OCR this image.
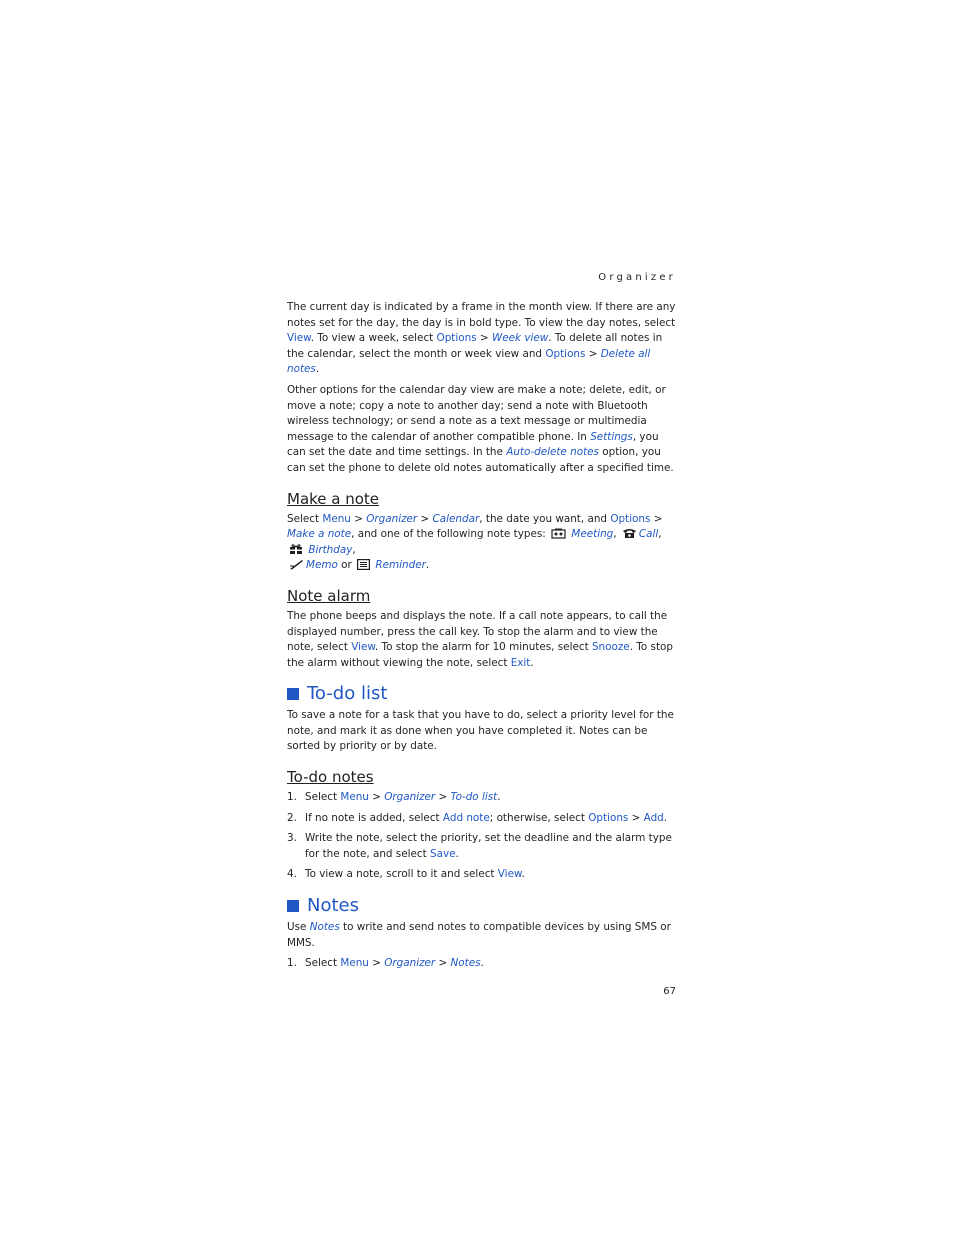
Organizer

The current day is indicated by a frame in the month view. If there are any notes set for the day, the day is in bold type. To view the day notes, select View. To view a week, select Options > Week view. To delete all notes in the calendar, select the month or week view and Options > Delete all notes.

Other options for the calendar day view are make a note; delete, edit, or move a note; copy a note to another day; send a note with Bluetooth wireless technology; or send a note as a text message or multimedia message to the calendar of another compatible phone. In Settings, you can set the date and time settings. In the Auto-delete notes option, you can set the phone to delete old notes automatically after a specified time.

Make a note

Select Menu > Organizer > Calendar, the date you want, and Options > Make a note, and one of the following note types:  Meeting, Call,  Birthday,
Memo or  Reminder.

Note alarm

The phone beeps and displays the note. If a call note appears, to call the displayed number, press the call key. To stop the alarm and to view the note, select View. To stop the alarm for 10 minutes, select Snooze. To stop the alarm without viewing the note, select Exit.

To-do list

To save a note for a task that you have to do, select a priority level for the note, and mark it as done when you have completed it. Notes can be sorted by priority or by date.

To-do notes
1. Select Menu > Organizer > To-do list.
2. If no note is added, select Add note; otherwise, select Options > Add.
3. Write the note, select the priority, set the deadline and the alarm type for the note, and select Save.
4. To view a note, scroll to it and select View.
Notes

Use Notes to write and send notes to compatible devices by using SMS or MMS.

1. Select Menu > Organizer > Notes.
67
